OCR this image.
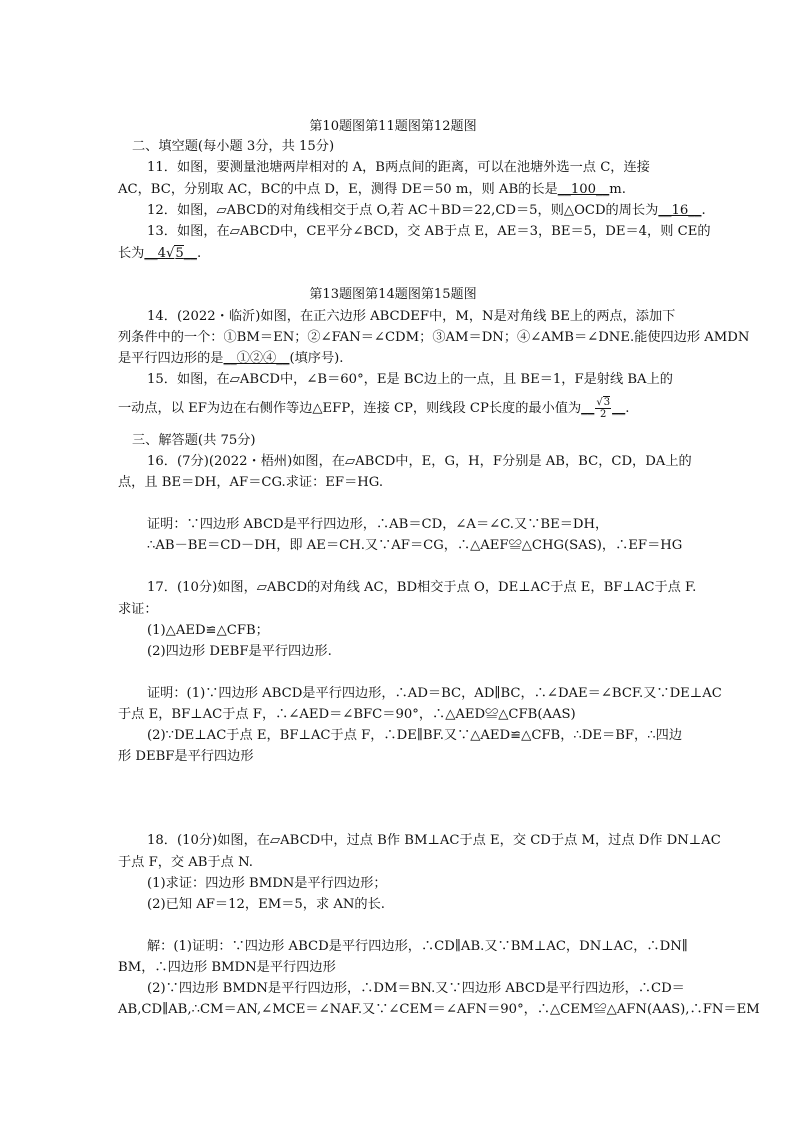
第10题图第11题图第12题图
二、填空题(每小题 3分，共 15分)
11．如图，要测量池塘两岸相对的 A，B两点间的距离，可以在池塘外选一点 C，连接
AC，BC，分别取 AC，BC的中点 D，E，测得 DE＝50 m，则 AB的长是__100__m.
12．如图，▱ABCD的对角线相交于点 O,若 AC＋BD＝22,CD＝5，则△OCD的周长为__16__.
13．如图，在▱ABCD中，CE平分∠BCD，交 AB于点 E，AE＝3，BE＝5，DE＝4，则 CE的
长为__4√5__.
第13题图第14题图第15题图
14．(2022・临沂)如图，在正六边形 ABCDEF中，M，N是对角线 BE上的两点，添加下
列条件中的一个：①BM＝EN；②∠FAN＝∠CDM；③AM＝DN；④∠AMB＝∠DNE.能使四边形 AMDN
是平行四边形的是__①②④__(填序号).
15．如图，在▱ABCD中，∠B＝60°，E是 BC边上的一点，且 BE＝1，F是射线 BA上的
一动点，以 EF为边在右侧作等边△EFP，连接 CP，则线段 CP长度的最小值为__ $\frac{√3}{2}$ __.
三、解答题(共 75分)
16．(7分)(2022・梧州)如图，在▱ABCD中，E，G，H，F分别是 AB，BC，CD，DA上的
点，且 BE＝DH，AF＝CG.求证：EF＝HG.
证明：∵四边形 ABCD是平行四边形，∴AB＝CD，∠A＝∠C.又∵BE＝DH，
∴AB－BE＝CD－DH，即 AE＝CH.又∵AF＝CG，∴△AEF≌△CHG(SAS)，∴EF＝HG
17．(10分)如图，▱ABCD的对角线 AC，BD相交于点 O，DE⊥AC于点 E，BF⊥AC于点 F.
求证：
(1)△AED≌△CFB；
(2)四边形 DEBF是平行四边形.
证明：(1)∵四边形 ABCD是平行四边形，∴AD＝BC，AD∥BC，∴∠DAE＝∠BCF.又∵DE⊥AC
于点 E，BF⊥AC于点 F，∴∠AED＝∠BFC＝90°，∴△AED≌△CFB(AAS)
(2)∵DE⊥AC于点 E，BF⊥AC于点 F，∴DE∥BF.又∵△AED≌△CFB，∴DE＝BF，∴四边
形 DEBF是平行四边形
18．(10分)如图，在▱ABCD中，过点 B作 BM⊥AC于点 E，交 CD于点 M，过点 D作 DN⊥AC
于点 F，交 AB于点 N.
(1)求证：四边形 BMDN是平行四边形；
(2)已知 AF＝12，EM＝5，求 AN的长.
解：(1)证明：∵四边形 ABCD是平行四边形，∴CD∥AB.又∵BM⊥AC，DN⊥AC，∴DN∥
BM，∴四边形 BMDN是平行四边形
(2)∵四边形 BMDN是平行四边形，∴DM＝BN.又∵四边形 ABCD是平行四边形，∴CD＝
AB,CD∥AB,∴CM＝AN,∠MCE＝∠NAF.又∵∠CEM＝∠AFN＝90°，∴△CEM≌△AFN(AAS),∴FN＝EM
